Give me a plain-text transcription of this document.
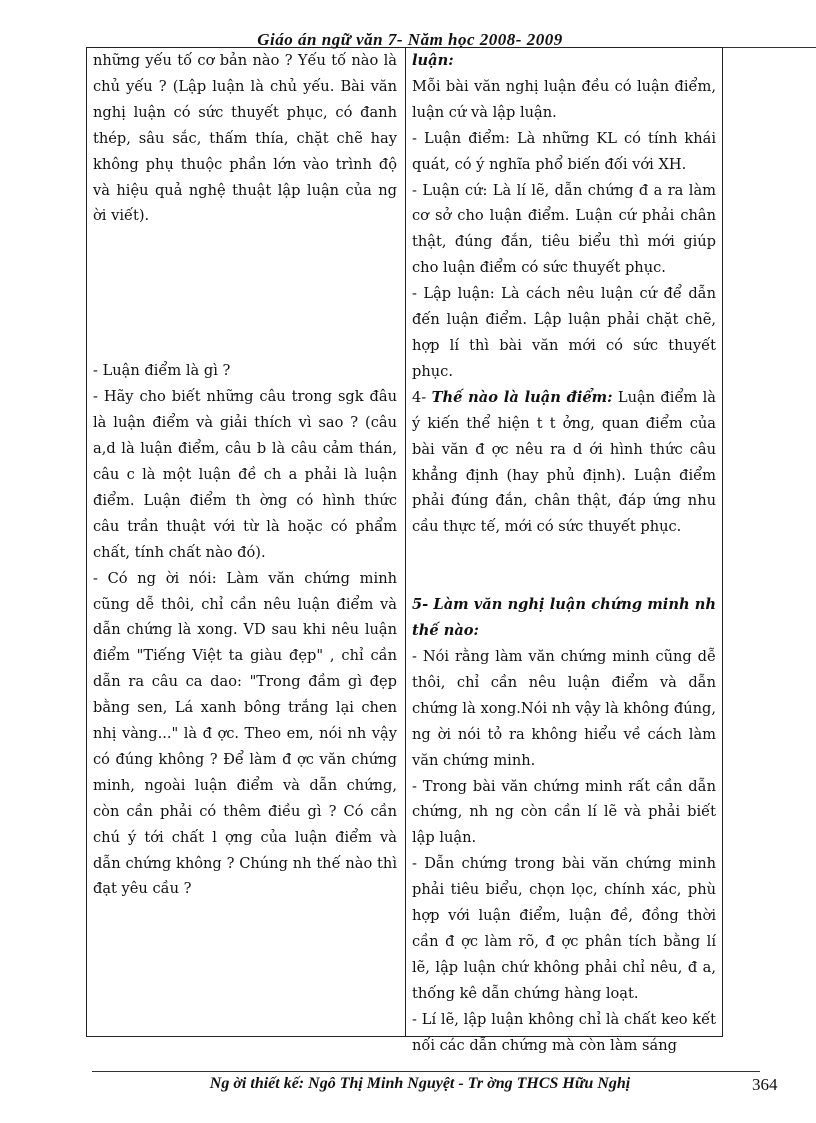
Giáo án ngữ văn 7- Năm học 2008- 2009

những yếu tố cơ bản nào ? Yếu tố nào là chủ yếu ? (Lập luận là chủ yếu. Bài văn nghị luận có sức thuyết phục, có đanh thép, sâu sắc, thấm thía, chặt chẽ hay không phụ thuộc phần lớn vào trình độ và hiệu quả nghệ thuật lập luận của ng ời viết).

- Luận điểm là gì ?

- Hãy cho biết những câu trong sgk đâu là luận điểm và giải thích vì sao ? (câu a,d là luận điểm, câu b là câu cảm thán, câu c là một luận đề ch a phải là luận điểm. Luận điểm th ờng có hình thức câu trần thuật với từ là hoặc có phẩm chất, tính chất nào đó).

- Có ng ời nói: Làm văn chứng minh cũng dễ thôi, chỉ cần nêu luận điểm và dẫn chứng là xong. VD sau khi nêu luận điểm "Tiếng Việt ta giàu đẹp" , chỉ cần dẫn ra câu ca dao: "Trong đầm gì đẹp bằng sen, Lá xanh bông trắng lại chen nhị vàng..." là đ ợc. Theo em, nói nh vậy có đúng không ? Để làm đ ợc văn chứng minh, ngoài luận điểm và dẫn chứng, còn cần phải có thêm điều gì ? Có cần chú ý tới chất l ợng của luận điểm và dẫn chứng không ? Chúng nh thế nào thì đạt yêu cầu ?

luận:

Mỗi bài văn nghị luận đều có luận điểm, luận cứ và lập luận.

- Luận điểm: Là những KL có tính khái quát, có ý nghĩa phổ biến đối với XH.

- Luận cứ: Là lí lẽ, dẫn chứng đ a ra làm cơ sở cho luận điểm. Luận cứ phải chân thật, đúng đắn, tiêu biểu thì mới giúp cho luận điểm có sức thuyết phục.

- Lập luận: Là cách nêu luận cứ để dẫn đến luận điểm. Lập luận phải chặt chẽ, hợp lí thì bài văn mới có sức thuyết phục.

4- Thế nào là luận điểm: Luận điểm là ý kiến thể hiện t t ởng, quan điểm của bài văn đ ợc nêu ra d ới hình thức câu khẳng định (hay phủ định). Luận điểm phải đúng đắn, chân thật, đáp ứng nhu cầu thực tế, mới có sức thuyết phục.

5- Làm văn nghị luận chứng minh nh thế nào:

- Nói rằng làm văn chứng minh cũng dễ thôi, chỉ cần nêu luận điểm và dẫn chứng là xong.Nói nh vậy là không đúng, ng ời nói tỏ ra không hiểu về cách làm văn chứng minh.

- Trong bài văn chứng minh rất cần dẫn chứng, nh ng còn cần lí lẽ và phải biết lập luận.

- Dẫn chứng trong bài văn chứng minh phải tiêu biểu, chọn lọc, chính xác, phù hợp với luận điểm, luận đề, đồng thời cần đ ợc làm rõ, đ ợc phân tích bằng lí lẽ, lập luận chứ không phải chỉ nêu, đ a, thống kê dẫn chứng hàng loạt.

- Lí lẽ, lập luận không chỉ là chất keo kết nối các dẫn chứng mà còn làm sáng

Ng ời thiết kế: Ngô Thị Minh Nguyệt - Tr ờng THCS Hữu Nghị	364
